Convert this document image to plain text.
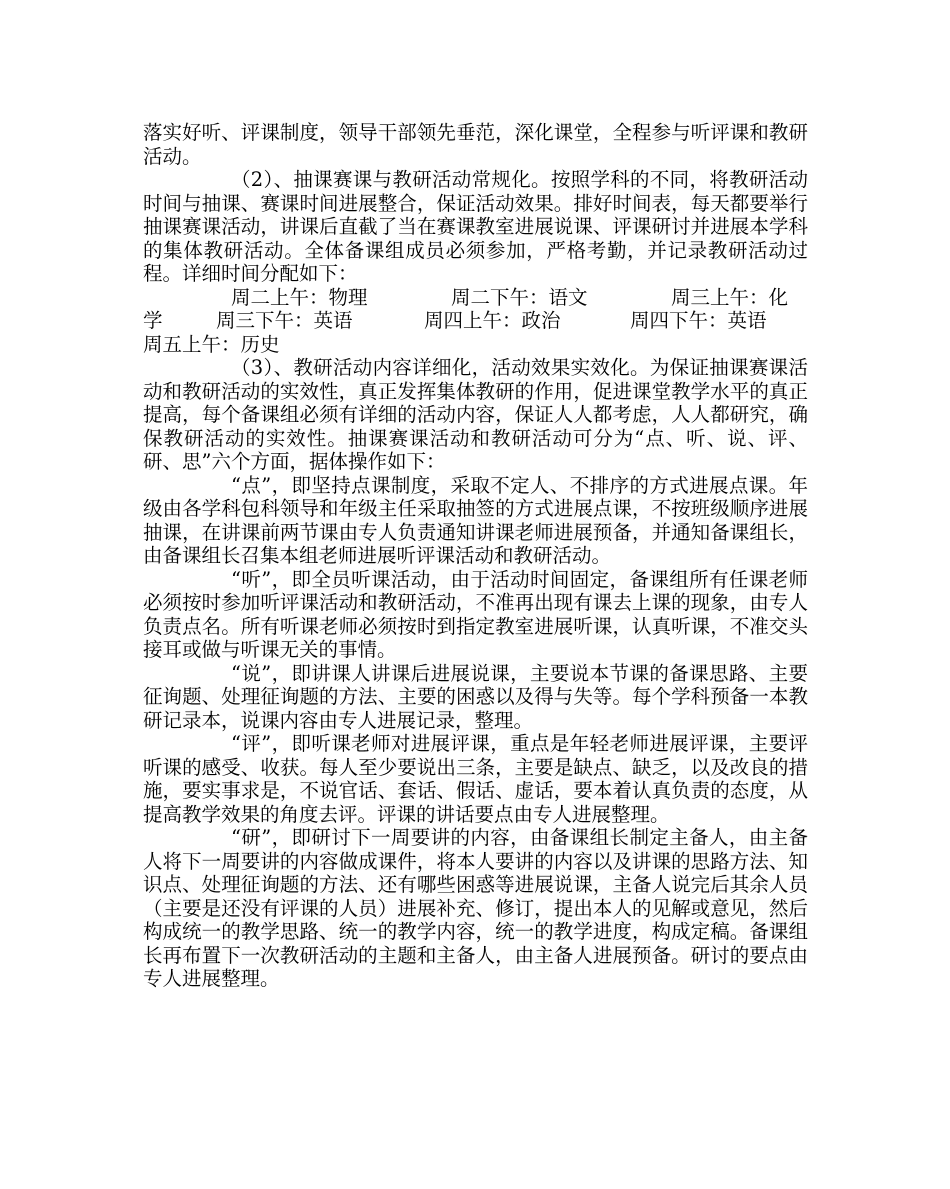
落实好听、评课制度，领导干部领先垂范，深化课堂，全程参与听评课和教研活动。

（2）、抽课赛课与教研活动常规化。按照学科的不同，将教研活动时间与抽课、赛课时间进展整合，保证活动效果。排好时间表，每天都要举行抽课赛课活动，讲课后直截了当在赛课教室进展说课、评课研讨并进展本学科的集体教研活动。全体备课组成员必须参加，严格考勤，并记录教研活动过程。详细时间分配如下：

周二上午：物理	周二下午：语文	周三上午：化
学	周三下午：英语	周四上午：政治	周四下午：英语
周五上午：历史

（3）、教研活动内容详细化，活动效果实效化。为保证抽课赛课活动和教研活动的实效性，真正发挥集体教研的作用，促进课堂教学水平的真正提高，每个备课组必须有详细的活动内容，保证人人都考虑，人人都研究，确保教研活动的实效性。抽课赛课活动和教研活动可分为“点、听、说、评、研、思”六个方面，据体操作如下：

“点”，即坚持点课制度，采取不定人、不排序的方式进展点课。年级由各学科包科领导和年级主任采取抽签的方式进展点课，不按班级顺序进展抽课，在讲课前两节课由专人负责通知讲课老师进展预备，并通知备课组长，由备课组长召集本组老师进展听评课活动和教研活动。

“听”，即全员听课活动，由于活动时间固定，备课组所有任课老师必须按时参加听评课活动和教研活动，不准再出现有课去上课的现象，由专人负责点名。所有听课老师必须按时到指定教室进展听课，认真听课，不准交头接耳或做与听课无关的事情。

“说”，即讲课人讲课后进展说课，主要说本节课的备课思路、主要征询题、处理征询题的方法、主要的困惑以及得与失等。每个学科预备一本教研记录本，说课内容由专人进展记录，整理。

“评”，即听课老师对进展评课，重点是年轻老师进展评课，主要评听课的感受、收获。每人至少要说出三条，主要是缺点、缺乏，以及改良的措施，要实事求是，不说官话、套话、假话、虚话，要本着认真负责的态度，从提高教学效果的角度去评。评课的讲话要点由专人进展整理。

“研”，即研讨下一周要讲的内容，由备课组长制定主备人，由主备人将下一周要讲的内容做成课件，将本人要讲的内容以及讲课的思路方法、知识点、处理征询题的方法、还有哪些困惑等进展说课，主备人说完后其余人员（主要是还没有评课的人员）进展补充、修订，提出本人的见解或意见，然后构成统一的教学思路、统一的教学内容，统一的教学进度，构成定稿。备课组长再布置下一次教研活动的主题和主备人，由主备人进展预备。研讨的要点由专人进展整理。
